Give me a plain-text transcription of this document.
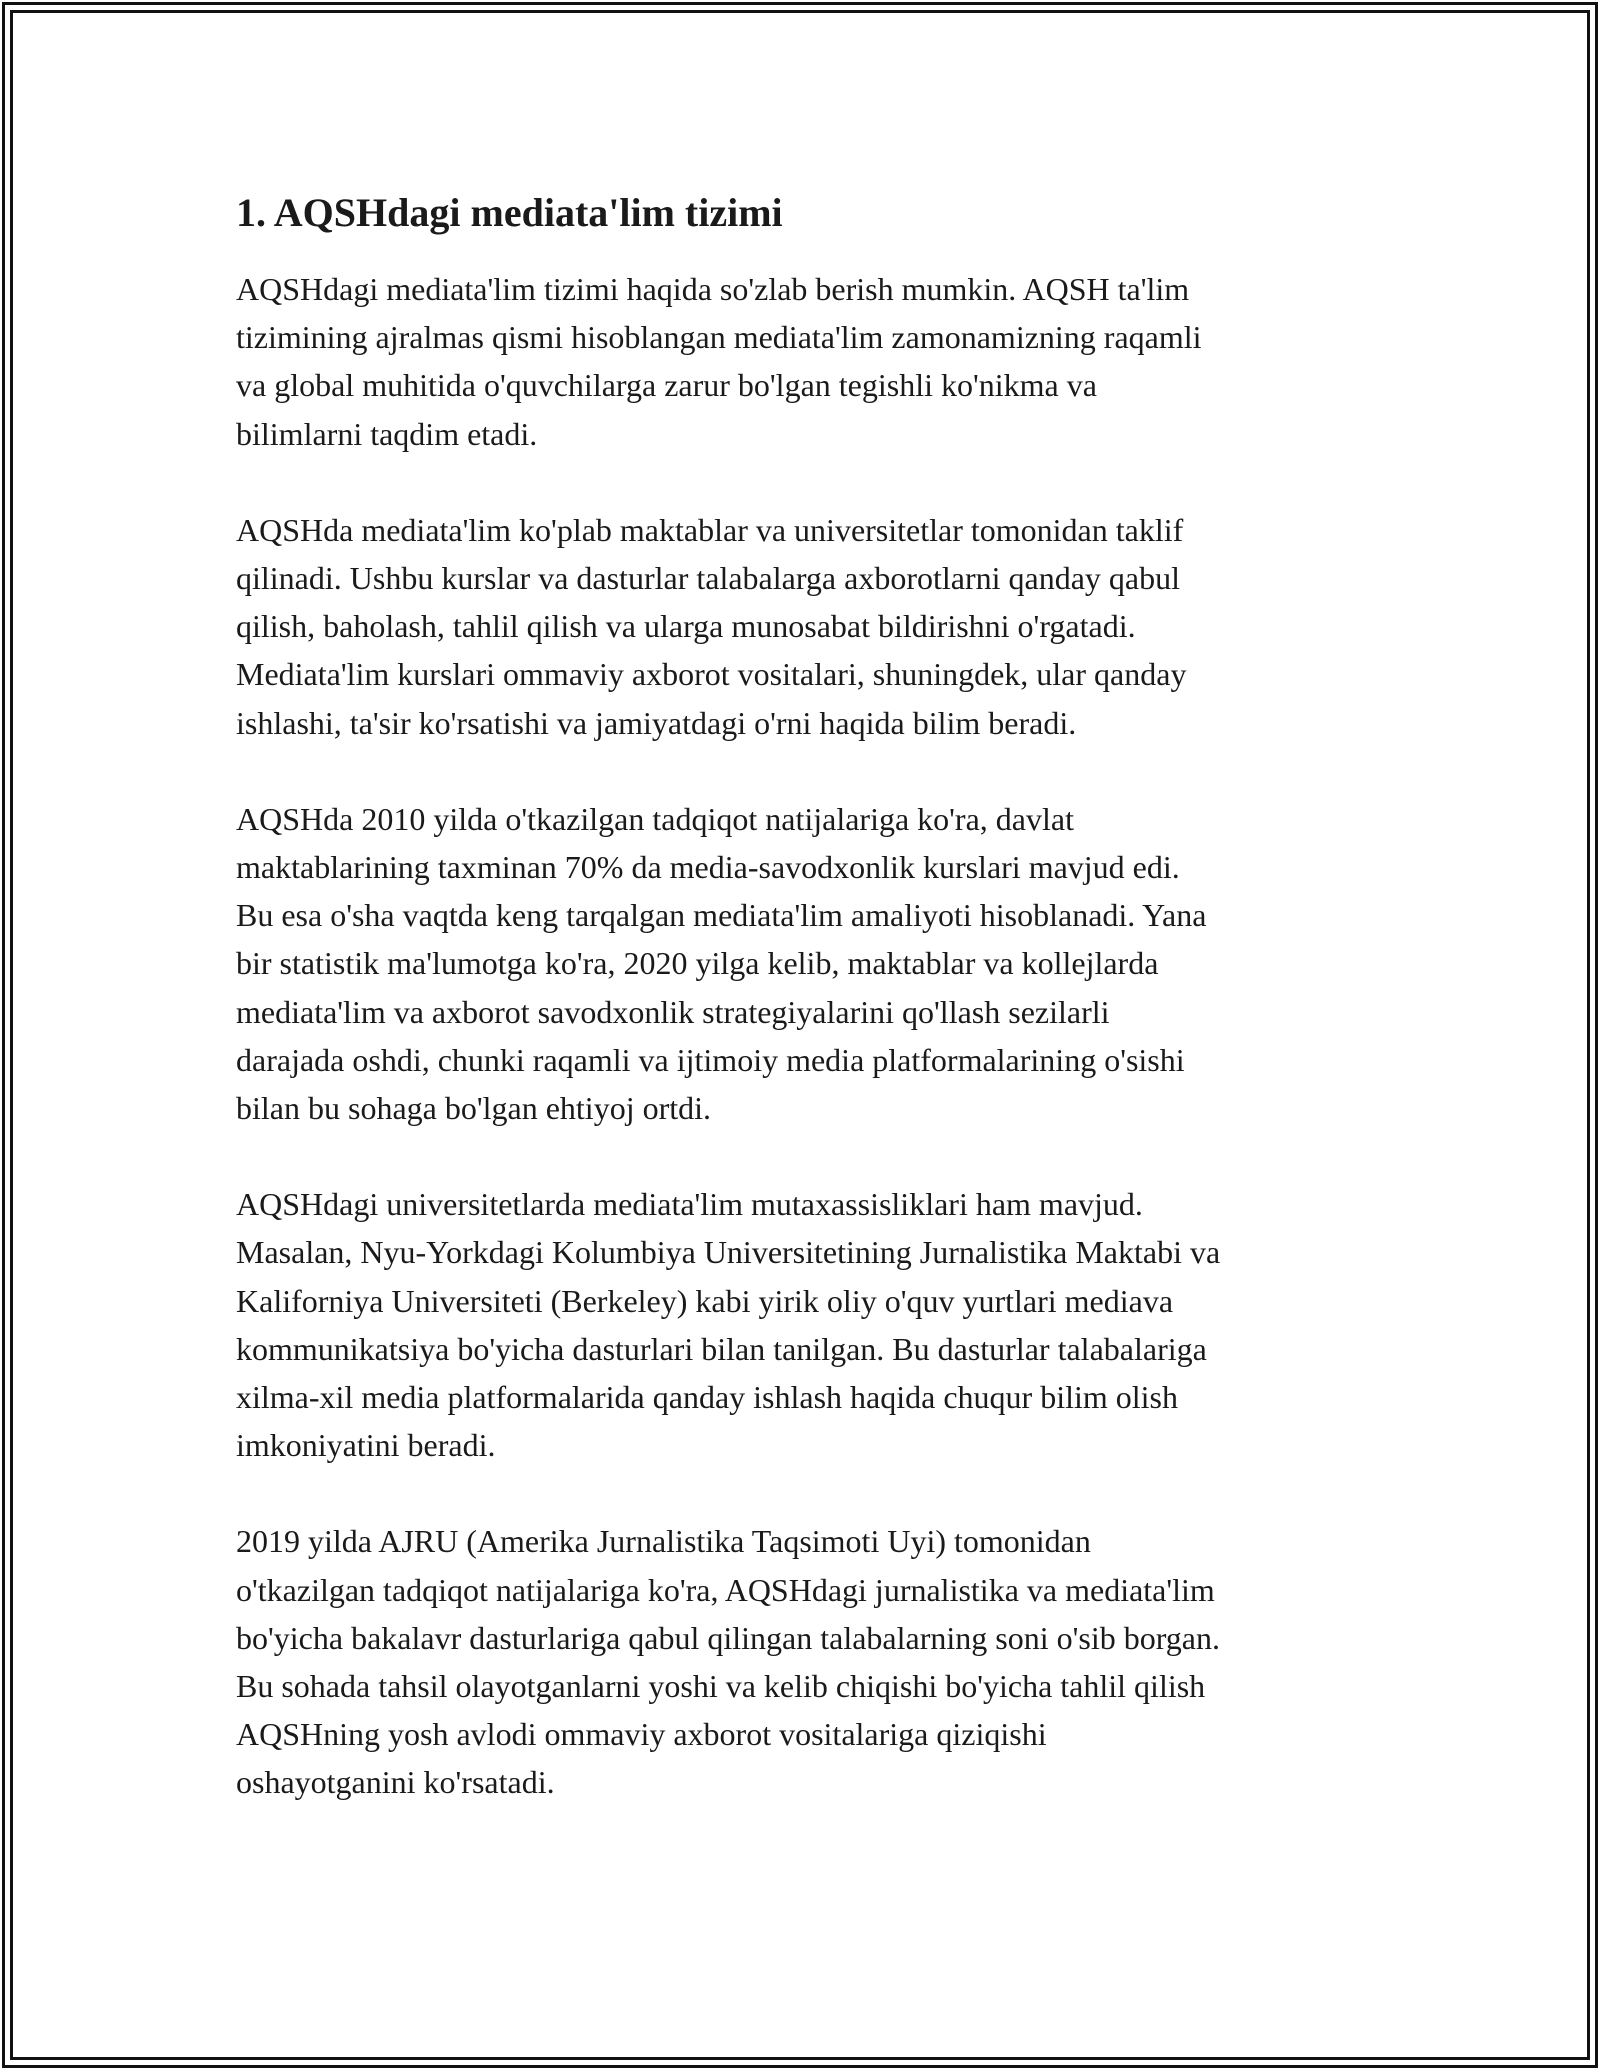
1. AQSHdagi mediata'lim tizimi

AQSHdagi mediata'lim tizimi haqida so'zlab berish mumkin. AQSH ta'lim
tizimining ajralmas qismi hisoblangan mediata'lim zamonamizning raqamli
va global muhitida o'quvchilarga zarur bo'lgan tegishli ko'nikma va
bilimlarni taqdim etadi.

AQSHda mediata'lim ko'plab maktablar va universitetlar tomonidan taklif
qilinadi. Ushbu kurslar va dasturlar talabalarga axborotlarni qanday qabul
qilish, baholash, tahlil qilish va ularga munosabat bildirishni o'rgatadi.
Mediata'lim kurslari ommaviy axborot vositalari, shuningdek, ular qanday
ishlashi, ta'sir ko'rsatishi va jamiyatdagi o'rni haqida bilim beradi.

AQSHda 2010 yilda o'tkazilgan tadqiqot natijalariga ko'ra, davlat
maktablarining taxminan 70% da media-savodxonlik kurslari mavjud edi.
Bu esa o'sha vaqtda keng tarqalgan mediata'lim amaliyoti hisoblanadi. Yana
bir statistik ma'lumotga ko'ra, 2020 yilga kelib, maktablar va kollejlarda
mediata'lim va axborot savodxonlik strategiyalarini qo'llash sezilarli
darajada oshdi, chunki raqamli va ijtimoiy media platformalarining o'sishi
bilan bu sohaga bo'lgan ehtiyoj ortdi.

AQSHdagi universitetlarda mediata'lim mutaxassisliklari ham mavjud.
Masalan, Nyu-Yorkdagi Kolumbiya Universitetining Jurnalistika Maktabi va
Kaliforniya Universiteti (Berkeley) kabi yirik oliy o'quv yurtlari mediava
kommunikatsiya bo'yicha dasturlari bilan tanilgan. Bu dasturlar talabalariga
xilma-xil media platformalarida qanday ishlash haqida chuqur bilim olish
imkoniyatini beradi.

2019 yilda AJRU (Amerika Jurnalistika Taqsimoti Uyi) tomonidan
o'tkazilgan tadqiqot natijalariga ko'ra, AQSHdagi jurnalistika va mediata'lim
bo'yicha bakalavr dasturlariga qabul qilingan talabalarning soni o'sib borgan.
Bu sohada tahsil olayotganlarni yoshi va kelib chiqishi bo'yicha tahlil qilish
AQSHning yosh avlodi ommaviy axborot vositalariga qiziqishi
oshayotganini ko'rsatadi.
